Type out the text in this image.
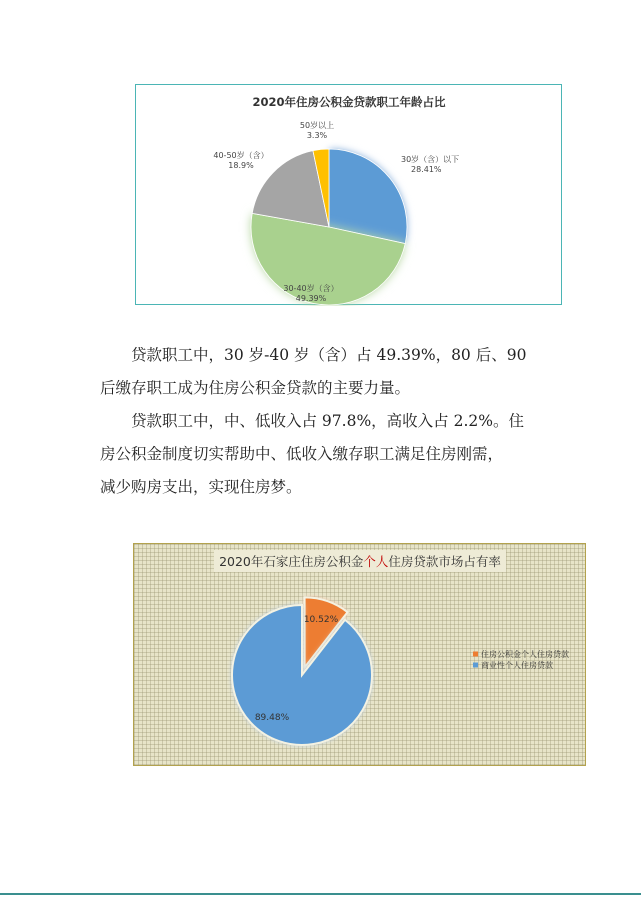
2020年住房公积金贷款职工年龄占比
30岁（含）以下
28.41%
30-40岁（含）
49.39%
40-50岁（含）
18.9%
50岁以上
3.3%

贷款职工中，30 岁-40 岁（含）占 49.39%，80 后、90

后缴存职工成为住房公积金贷款的主要力量。

贷款职工中，中、低收入占 97.8%，高收入占 2.2%。住

房公积金制度切实帮助中、低收入缴存职工满足住房刚需，

减少购房支出，实现住房梦。

2020年石家庄住房公积金个人住房贷款市场占有率
10.52%
89.48%
住房公积金个人住房贷款
商业性个人住房贷款
